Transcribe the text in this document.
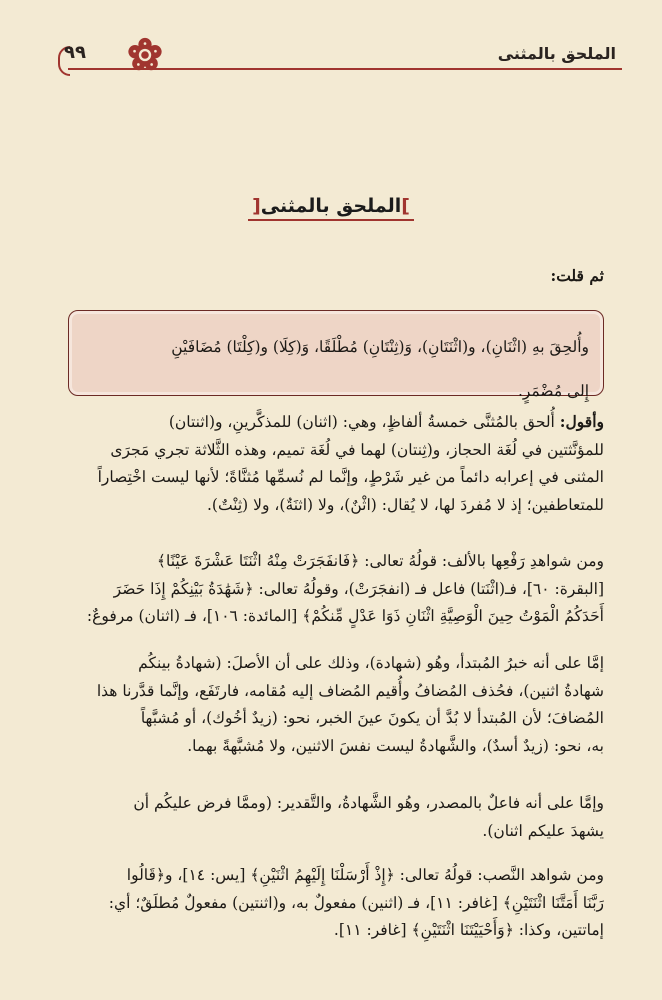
٩٩	الملحق بالمثنى
]الملحق بالمثنى[

ثم قلت:

وأُلحِقَ بهِ (اثْنَانِ)، و(اثْنَتَانِ)، وَ(ثِنْتَانِ) مُطْلَقًا، وَ(كِلَا) و(كِلْتَا) مُضَافَيْنِ

إِلى مُضْمَرٍ.

وأقول: أُلحق بالمُثنَّى خمسةُ ألفاظٍ، وهي: (اثنان) للمذكَّرينِ، و(اثنتان)

للمؤنَّثتين في لُغَة الحجاز، و(ثِنتان) لهما في لُغَة تميم، وهذه الثَّلاثة تجري مَجرَى

المثنى في إعرابه دائماً من غير شَرْطٍ، وإنَّما لم نُسمِّها مُثنَّاةً؛ لأنها ليست اخْتِصاراً

للمتعاطفين؛ إذ لا مُفردَ لها، لا يُقال: (اثْنٌ)، ولا (اثنَةٌ)، ولا (ثِنْتٌ).

ومن شواهدِ رَفْعِها بالألف: قولُهُ تعالى: ﴿فَانفَجَرَتْ مِنْهُ اثْنَتَا عَشْرَةَ عَيْنًا﴾

[البقرة: ٦٠]، فـ(اثْنَتا) فاعل فـ (انفجَرَتْ)، وقولُهُ تعالى: ﴿شَهَٰدَةُ بَيْنِكُمْ إِذَا حَضَرَ

أَحَدَكُمُ الْمَوْتُ حِينَ الْوَصِيَّةِ اثْنَانِ ذَوَا عَدْلٍ مِّنكُمْ﴾ [المائدة: ١٠٦]، فـ (اثنان) مرفوعٌ:

إمَّا على أنه خبرُ المُبتدأ، وهُو (شهادة)، وذلك على أن الأصلَ: (شهادةُ بينكُم

شهادةُ اثنين)، فحُذف المُضافُ وأُقيم المُضاف إليه مُقامه، فارتَفَع، وإنَّما قدَّرنا هذا

المُضافَ؛ لأن المُبتدأ لا بُدَّ أن يكونَ عينَ الخبر، نحو: (زيدٌ أخُوك)، أو مُشبَّهاً

به، نحو: (زيدٌ أسدٌ)، والشَّهادةُ ليست نفسَ الاثنين، ولا مُشبَّهةً بهما.

وإمَّا على أنه فاعلٌ بالمصدر، وهُو الشَّهادةُ، والتَّقدير: (وممَّا فرض عليكُم أن

يشهدَ عليكم اثنان).

ومن شواهد النَّصب: قولُهُ تعالى: ﴿إِذْ أَرْسَلْنَا إِلَيْهِمُ اثْنَيْنِ﴾ [يس: ١٤]، و﴿قَالُوا

رَبَّنَا أَمَتَّنَا اثْنَتَيْنِ﴾ [غافر: ١١]، فـ (اثنين) مفعولٌ به، و(اثنتين) مفعولٌ مُطلَقٌ؛ أي:

إماتتين، وكذا: ﴿وَأَحْيَيْتَنَا اثْنَتَيْنِ﴾ [غافر: ١١].
